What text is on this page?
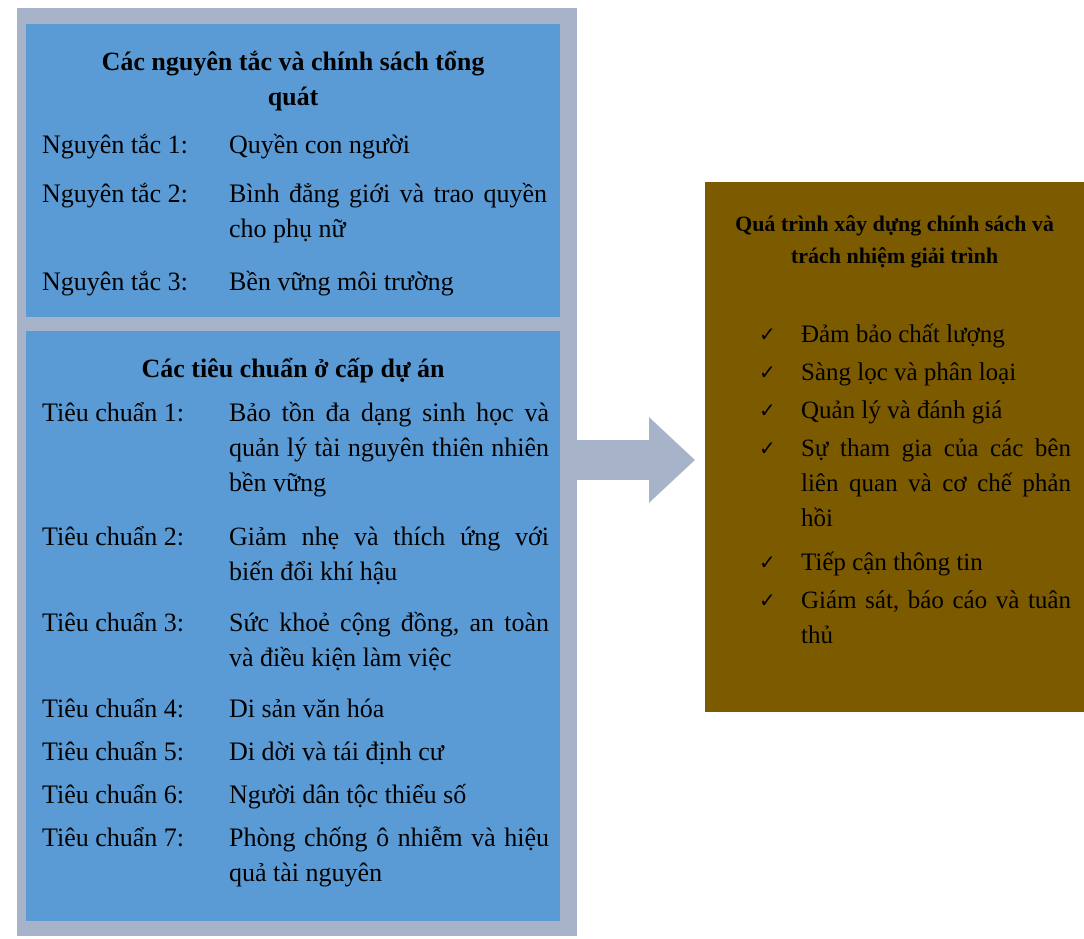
Các nguyên tắc và chính sách tổng quát
Nguyên tắc 1: Quyền con người
Nguyên tắc 2: Bình đẳng giới và trao quyền cho phụ nữ
Nguyên tắc 3: Bền vững môi trường
Các tiêu chuẩn ở cấp dự án
Tiêu chuẩn 1: Bảo tồn đa dạng sinh học và quản lý tài nguyên thiên nhiên bền vững
Tiêu chuẩn 2: Giảm nhẹ và thích ứng với biến đổi khí hậu
Tiêu chuẩn 3: Sức khoẻ cộng đồng, an toàn và điều kiện làm việc
Tiêu chuẩn 4: Di sản văn hóa
Tiêu chuẩn 5: Di dời và tái định cư
Tiêu chuẩn 6: Người dân tộc thiểu số
Tiêu chuẩn 7: Phòng chống ô nhiễm và hiệu quả tài nguyên
Quá trình xây dựng chính sách và trách nhiệm giải trình
✓ Đảm bảo chất lượng
✓ Sàng lọc và phân loại
✓ Quản lý và đánh giá
✓ Sự tham gia của các bên liên quan và cơ chế phản hồi
✓ Tiếp cận thông tin
✓ Giám sát, báo cáo và tuân thủ
